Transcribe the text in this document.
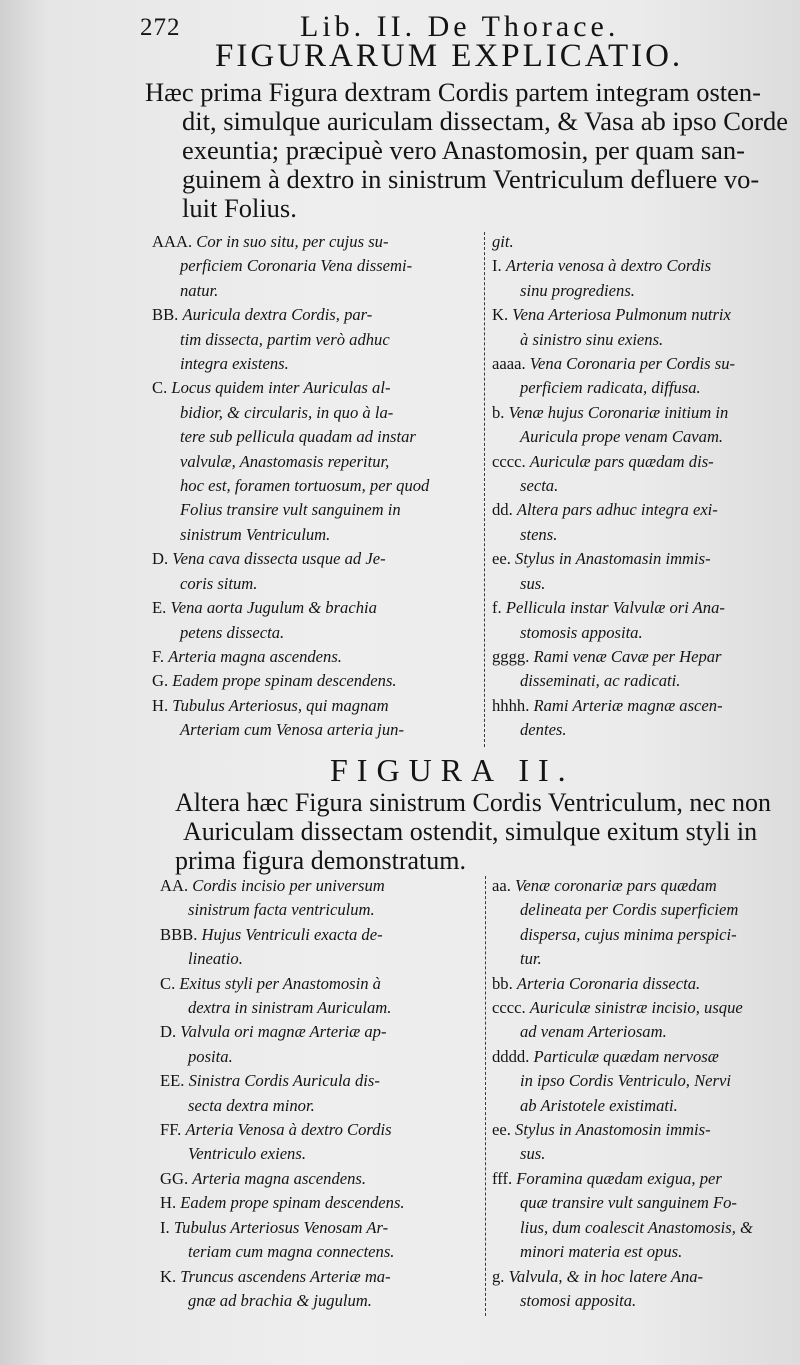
272	Lib. II. De Thorace.
FIGURARUM EXPLICATIO.
Hæc prima Figura dextram Cordis partem integram osten-
dit, simulque auriculam dissectam, & Vasa ab ipso Corde
exeuntia; præcipuè vero Anastomosin, per quam san-
guinem à dextro in sinistrum Ventriculum defluere vo-
luit Folius.
AAA. Cor in suo situ, per cujus su-
perficiem Coronaria Vena dissemi-
natur.
BB. Auricula dextra Cordis, par-
tim dissecta, partim verò adhuc
integra existens.
C. Locus quidem inter Auriculas al-
bidior, & circularis, in quo à la-
tere sub pellicula quadam ad instar
valvulæ, Anastomasis reperitur,
hoc est, foramen tortuosum, per quod
Folius transire vult sanguinem in
sinistrum Ventriculum.
D. Vena cava dissecta usque ad Je-
coris situm.
E. Vena aorta Jugulum & brachia
petens dissecta.
F. Arteria magna ascendens.
G. Eadem prope spinam descendens.
H. Tubulus Arteriosus, qui magnam
Arteriam cum Venosa arteria jun-
git.
I. Arteria venosa à dextro Cordis
sinu progrediens.
K. Vena Arteriosa Pulmonum nutrix
à sinistro sinu exiens.
aaaa. Vena Coronaria per Cordis su-
perficiem radicata, diffusa.
b. Venæ hujus Coronariæ initium in
Auricula prope venam Cavam.
cccc. Auriculæ pars quædam dis-
secta.
dd. Altera pars adhuc integra exi-
stens.
ee. Stylus in Anastomasin immis-
sus.
f. Pellicula instar Valvulæ ori Ana-
stomosis apposita.
gggg. Rami venæ Cavæ per Hepar
disseminati, ac radicati.
hhhh. Rami Arteriæ magnæ ascen-
dentes.
FIGURA II.
Altera hæc Figura sinistrum Cordis Ventriculum, nec non
Auriculam dissectam ostendit, simulque exitum styli in
prima figura demonstratum.
AA. Cordis incisio per universum
sinistrum facta ventriculum.
BBB. Hujus Ventriculi exacta de-
lineatio.
C. Exitus styli per Anastomosin à
dextra in sinistram Auriculam.
D. Valvula ori magnæ Arteriæ ap-
posita.
EE. Sinistra Cordis Auricula dis-
secta dextra minor.
FF. Arteria Venosa à dextro Cordis
Ventriculo exiens.
GG. Arteria magna ascendens.
H. Eadem prope spinam descendens.
I. Tubulus Arteriosus Venosam Ar-
teriam cum magna connectens.
K. Truncus ascendens Arteriæ ma-
gnæ ad brachia & jugulum.
aa. Venæ coronariæ pars quædam
delineata per Cordis superficiem
dispersa, cujus minima perspici-
tur.
bb. Arteria Coronaria dissecta.
cccc. Auriculæ sinistræ incisio, usque
ad venam Arteriosam.
dddd. Particulæ quædam nervosæ
in ipso Cordis Ventriculo, Nervi
ab Aristotele existimati.
ee. Stylus in Anastomosin immis-
sus.
fff. Foramina quædam exigua, per
quæ transire vult sanguinem Fo-
lius, dum coalescit Anastomosis, &
minori materia est opus.
g. Valvula, & in hoc latere Ana-
stomosi apposita.
